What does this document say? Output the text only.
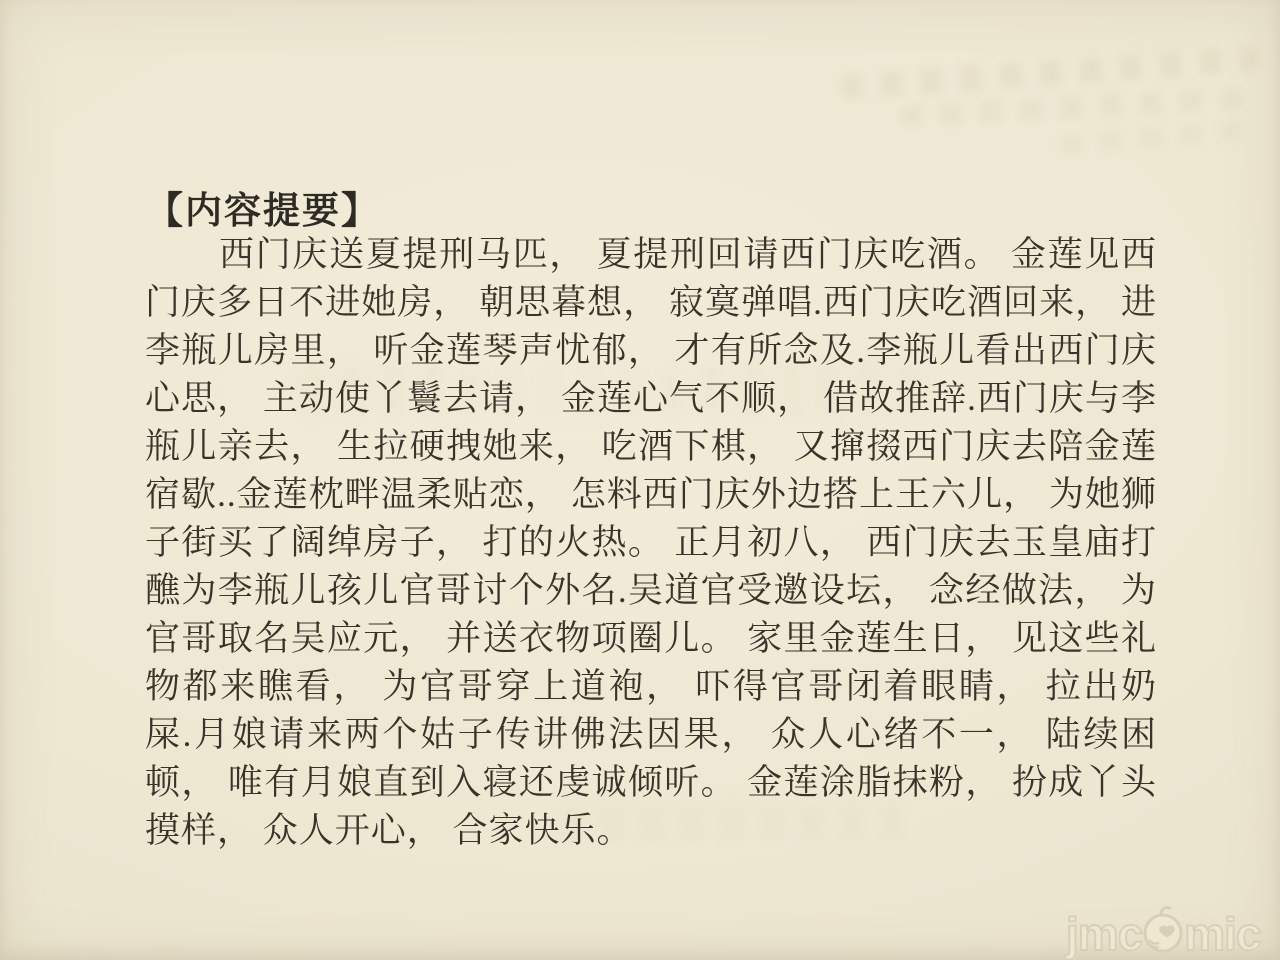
【内容提要】
西门庆送夏提刑马匹， 夏提刑回请西门庆吃酒。 金莲见西
门庆多日不进她房， 朝思暮想， 寂寞弹唱.西门庆吃酒回来， 进
李瓶儿房里， 听金莲琴声忧郁， 才有所念及.李瓶儿看出西门庆
心思， 主动使丫鬟去请， 金莲心气不顺， 借故推辞.西门庆与李
瓶儿亲去， 生拉硬拽她来， 吃酒下棋， 又撺掇西门庆去陪金莲
宿歇..金莲枕畔温柔贴恋， 怎料西门庆外边搭上王六儿， 为她狮
子街买了阔绰房子， 打的火热。 正月初八， 西门庆去玉皇庙打
醮为李瓶儿孩儿官哥讨个外名.吴道官受邀设坛， 念经做法， 为
官哥取名吴应元， 并送衣物项圈儿。 家里金莲生日， 见这些礼
物都来瞧看， 为官哥穿上道袍， 吓得官哥闭着眼睛， 拉出奶
屎.月娘请来两个姑子传讲佛法因果， 众人心绪不一， 陆续困
顿， 唯有月娘直到入寝还虔诚倾听。 金莲涂脂抹粉， 扮成丫头
摸样， 众人开心， 合家快乐。
jmc mic
